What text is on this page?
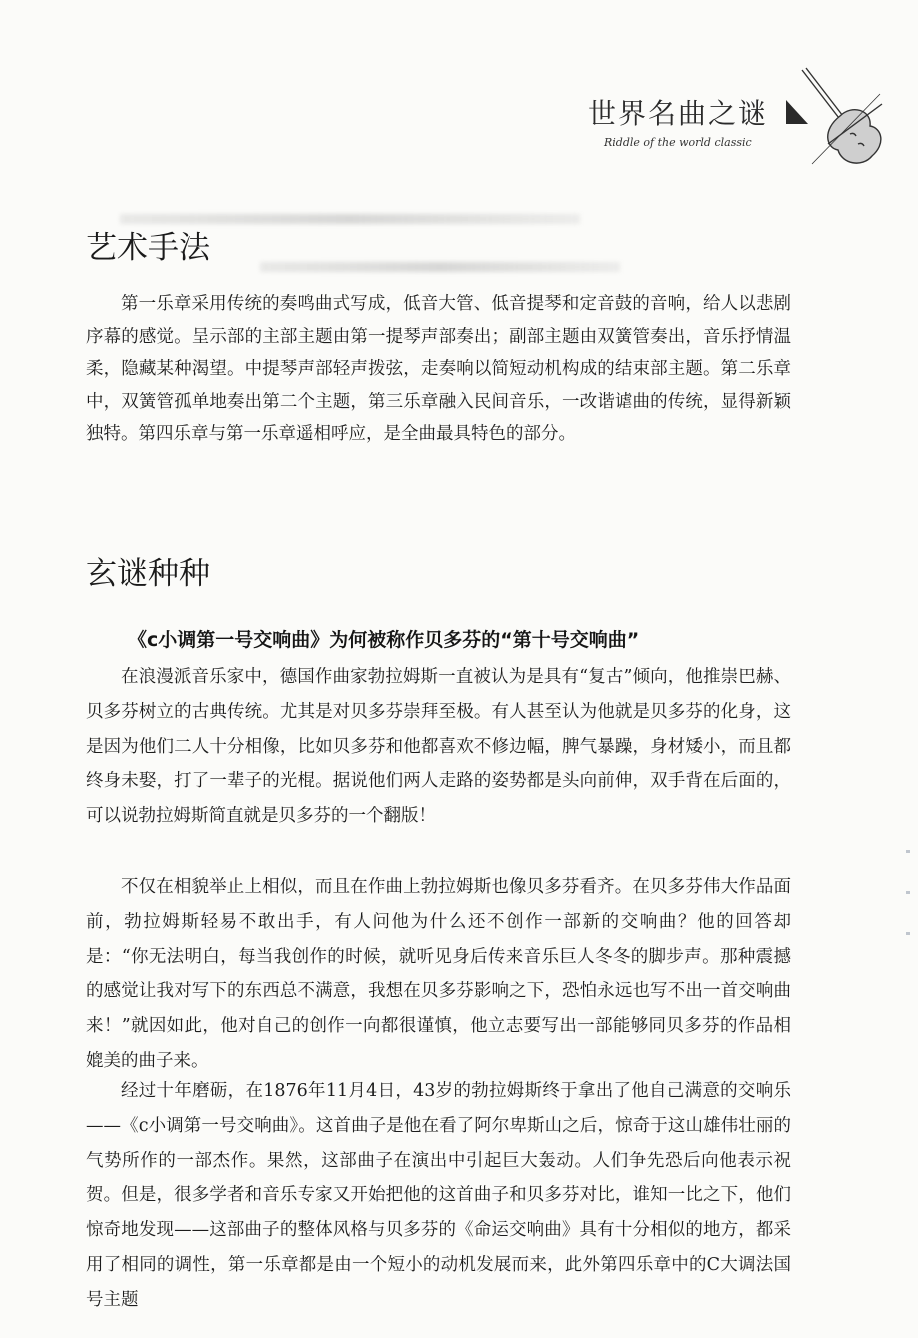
世界名曲之谜
Riddle of the world classic
艺术手法

第一乐章采用传统的奏鸣曲式写成，低音大管、低音提琴和定音鼓的音响，给人以悲剧序幕的感觉。呈示部的主部主题由第一提琴声部奏出；副部主题由双簧管奏出，音乐抒情温柔，隐藏某种渴望。中提琴声部轻声拨弦，走奏响以简短动机构成的结束部主题。第二乐章中，双簧管孤单地奏出第二个主题，第三乐章融入民间音乐，一改谐谑曲的传统，显得新颖独特。第四乐章与第一乐章遥相呼应，是全曲最具特色的部分。

玄谜种种
《c小调第一号交响曲》为何被称作贝多芬的“第十号交响曲”

在浪漫派音乐家中，德国作曲家勃拉姆斯一直被认为是具有“复古”倾向，他推崇巴赫、贝多芬树立的古典传统。尤其是对贝多芬崇拜至极。有人甚至认为他就是贝多芬的化身，这是因为他们二人十分相像，比如贝多芬和他都喜欢不修边幅，脾气暴躁，身材矮小，而且都终身未娶，打了一辈子的光棍。据说他们两人走路的姿势都是头向前伸，双手背在后面的，可以说勃拉姆斯简直就是贝多芬的一个翻版！

不仅在相貌举止上相似，而且在作曲上勃拉姆斯也像贝多芬看齐。在贝多芬伟大作品面前，勃拉姆斯轻易不敢出手，有人问他为什么还不创作一部新的交响曲？他的回答却是：“你无法明白，每当我创作的时候，就听见身后传来音乐巨人冬冬的脚步声。那种震撼的感觉让我对写下的东西总不满意，我想在贝多芬影响之下，恐怕永远也写不出一首交响曲来！”就因如此，他对自己的创作一向都很谨慎，他立志要写出一部能够同贝多芬的作品相媲美的曲子来。

经过十年磨砺，在1876年11月4日，43岁的勃拉姆斯终于拿出了他自己满意的交响乐——《c小调第一号交响曲》。这首曲子是他在看了阿尔卑斯山之后，惊奇于这山雄伟壮丽的气势所作的一部杰作。果然，这部曲子在演出中引起巨大轰动。人们争先恐后向他表示祝贺。但是，很多学者和音乐专家又开始把他的这首曲子和贝多芬对比，谁知一比之下，他们惊奇地发现——这部曲子的整体风格与贝多芬的《命运交响曲》具有十分相似的地方，都采用了相同的调性，第一乐章都是由一个短小的动机发展而来，此外第四乐章中的C大调法国号主题
